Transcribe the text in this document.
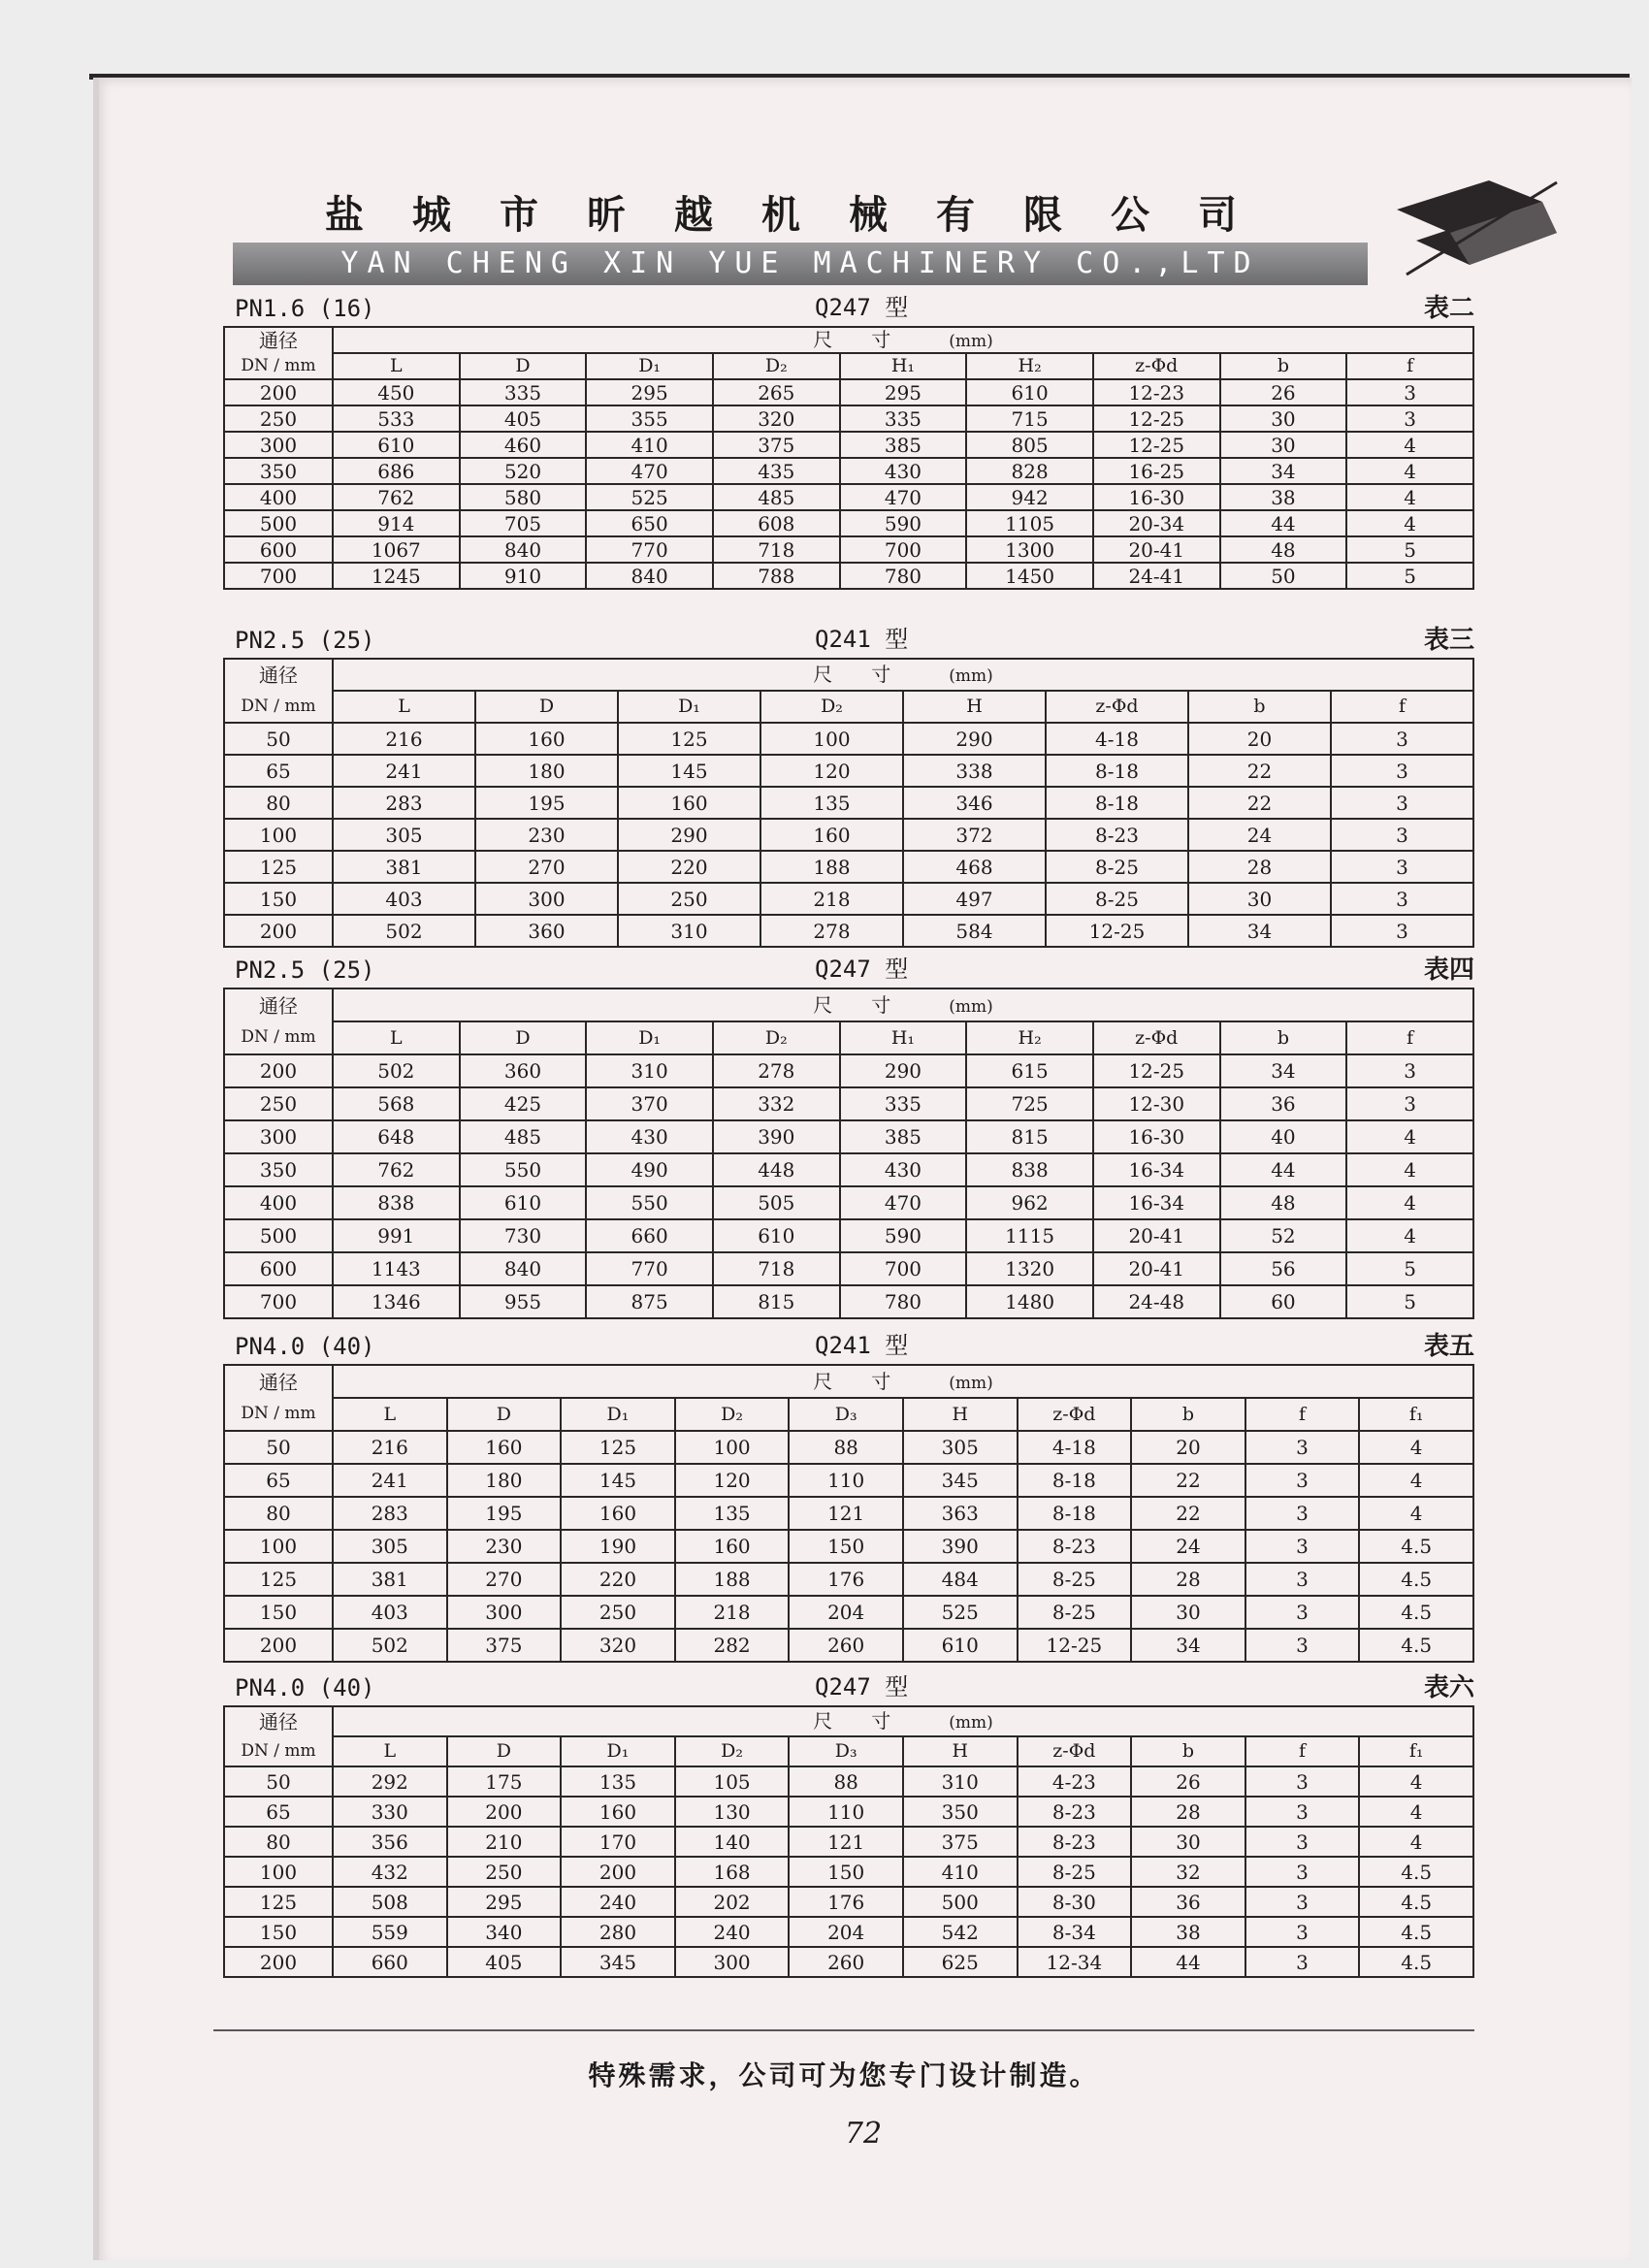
盐城市昕越机械有限公司
YAN CHENG XIN YUE MACHINERY CO.,LTD
PN1.6 (16)	Q247 型	表二
通径	尺　　寸 (mm)								
DN / mm	L	D	D₁	D₂	H₁	H₂	z-Φd	b	f
200	450	335	295	265	295	610	12-23	26	3
250	533	405	355	320	335	715	12-25	30	3
300	610	460	410	375	385	805	12-25	30	4
350	686	520	470	435	430	828	16-25	34	4
400	762	580	525	485	470	942	16-30	38	4
500	914	705	650	608	590	1105	20-34	44	4
600	1067	840	770	718	700	1300	20-41	48	5
700	1245	910	840	788	780	1450	24-41	50	5
PN2.5 (25)	Q241 型	表三
通径	尺　　寸 (mm)							
DN / mm	L	D	D₁	D₂	H	z-Φd	b	f
50	216	160	125	100	290	4-18	20	3
65	241	180	145	120	338	8-18	22	3
80	283	195	160	135	346	8-18	22	3
100	305	230	290	160	372	8-23	24	3
125	381	270	220	188	468	8-25	28	3
150	403	300	250	218	497	8-25	30	3
200	502	360	310	278	584	12-25	34	3
PN2.5 (25)	Q247 型	表四
通径	尺　　寸 (mm)								
DN / mm	L	D	D₁	D₂	H₁	H₂	z-Φd	b	f
200	502	360	310	278	290	615	12-25	34	3
250	568	425	370	332	335	725	12-30	36	3
300	648	485	430	390	385	815	16-30	40	4
350	762	550	490	448	430	838	16-34	44	4
400	838	610	550	505	470	962	16-34	48	4
500	991	730	660	610	590	1115	20-41	52	4
600	1143	840	770	718	700	1320	20-41	56	5
700	1346	955	875	815	780	1480	24-48	60	5
PN4.0 (40)	Q241 型	表五
通径	尺　　寸 (mm)									
DN / mm	L	D	D₁	D₂	D₃	H	z-Φd	b	f	f₁
50	216	160	125	100	88	305	4-18	20	3	4
65	241	180	145	120	110	345	8-18	22	3	4
80	283	195	160	135	121	363	8-18	22	3	4
100	305	230	190	160	150	390	8-23	24	3	4.5
125	381	270	220	188	176	484	8-25	28	3	4.5
150	403	300	250	218	204	525	8-25	30	3	4.5
200	502	375	320	282	260	610	12-25	34	3	4.5
PN4.0 (40)	Q247 型	表六
通径	尺　　寸 (mm)									
DN / mm	L	D	D₁	D₂	D₃	H	z-Φd	b	f	f₁
50	292	175	135	105	88	310	4-23	26	3	4
65	330	200	160	130	110	350	8-23	28	3	4
80	356	210	170	140	121	375	8-23	30	3	4
100	432	250	200	168	150	410	8-25	32	3	4.5
125	508	295	240	202	176	500	8-30	36	3	4.5
150	559	340	280	240	204	542	8-34	38	3	4.5
200	660	405	345	300	260	625	12-34	44	3	4.5
特殊需求，公司可为您专门设计制造。
72
